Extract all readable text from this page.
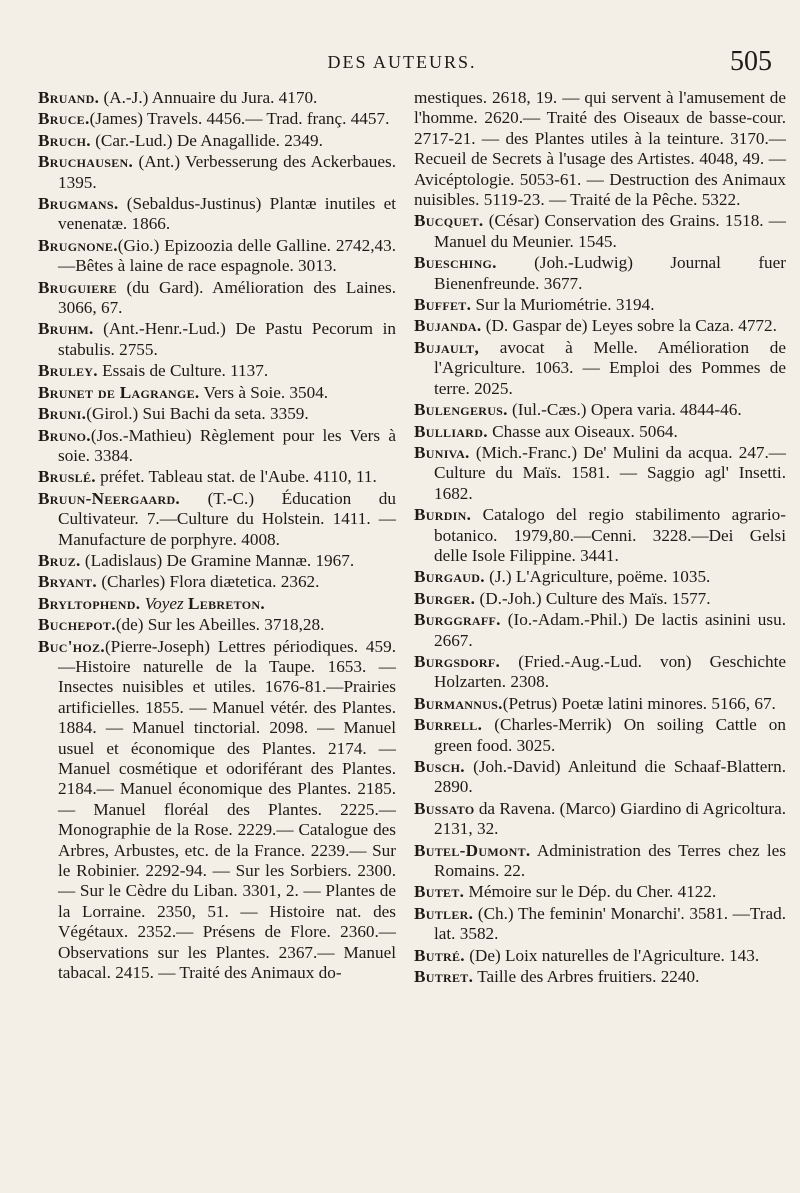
DES AUTEURS.	505

Bruand. (A.-J.) Annuaire du Jura. 4170.

Bruce.(James) Travels. 4456.— Trad. franç. 4457.

Bruch. (Car.-Lud.) De Anagallide. 2349.

Bruchausen. (Ant.) Verbesserung des Ackerbaues. 1395.

Brugmans. (Sebaldus-Justinus) Plantæ inutiles et venenatæ. 1866.

Brugnone.(Gio.) Epizoozia delle Galline. 2742,43.—Bêtes à laine de race espagnole. 3013.

Bruguiere (du Gard). Amélioration des Laines. 3066, 67.

Bruhm. (Ant.-Henr.-Lud.) De Pastu Pecorum in stabulis. 2755.

Bruley. Essais de Culture. 1137.

Brunet de Lagrange. Vers à Soie. 3504.

Bruni.(Girol.) Sui Bachi da seta. 3359.

Bruno.(Jos.-Mathieu) Règlement pour les Vers à soie. 3384.

Bruslé. préfet. Tableau stat. de l'Aube. 4110, 11.

Bruun-Neergaard. (T.-C.) Éducation du Cultivateur. 7.—Culture du Holstein. 1411. — Manufacture de porphyre. 4008.

Bruz. (Ladislaus) De Gramine Mannæ. 1967.

Bryant. (Charles) Flora diætetica. 2362.

Bryltophend. Voyez Lebreton.

Buchepot.(de) Sur les Abeilles. 3718,28.

Buc'hoz.(Pierre-Joseph) Lettres périodiques. 459.—Histoire naturelle de la Taupe. 1653. — Insectes nuisibles et utiles. 1676-81.—Prairies artificielles. 1855. — Manuel vétér. des Plantes. 1884. — Manuel tinctorial. 2098. — Manuel usuel et économique des Plantes. 2174. — Manuel cosmétique et odoriférant des Plantes. 2184.— Manuel économique des Plantes. 2185.— Manuel floréal des Plantes. 2225.— Monographie de la Rose. 2229.— Catalogue des Arbres, Arbustes, etc. de la France. 2239.— Sur le Robinier. 2292-94. — Sur les Sorbiers. 2300. — Sur le Cèdre du Liban. 3301, 2. — Plantes de la Lorraine. 2350, 51. — Histoire nat. des Végétaux. 2352.— Présens de Flore. 2360.—Observations sur les Plantes. 2367.— Manuel tabacal. 2415. — Traité des Animaux do-

mestiques. 2618, 19. — qui servent à l'amusement de l'homme. 2620.— Traité des Oiseaux de basse-cour. 2717-21. — des Plantes utiles à la teinture. 3170.—Recueil de Secrets à l'usage des Artistes. 4048, 49. —Avicéptologie. 5053-61. — Destruction des Animaux nuisibles. 5119-23. — Traité de la Pêche. 5322.

Bucquet. (César) Conservation des Grains. 1518. — Manuel du Meunier. 1545.

Buesching. (Joh.-Ludwig) Journal fuer Bienenfreunde. 3677.

Buffet. Sur la Muriométrie. 3194.

Bujanda. (D. Gaspar de) Leyes sobre la Caza. 4772.

Bujault, avocat à Melle. Amélioration de l'Agriculture. 1063. — Emploi des Pommes de terre. 2025.

Bulengerus. (Iul.-Cæs.) Opera varia. 4844-46.

Bulliard. Chasse aux Oiseaux. 5064.

Buniva. (Mich.-Franc.) De' Mulini da acqua. 247.—Culture du Maïs. 1581. — Saggio agl' Insetti. 1682.

Burdin. Catalogo del regio stabilimento agrario-botanico. 1979,80.—Cenni. 3228.—Dei Gelsi delle Isole Filippine. 3441.

Burgaud. (J.) L'Agriculture, poëme. 1035.

Burger. (D.-Joh.) Culture des Maïs. 1577.

Burggraff. (Io.-Adam.-Phil.) De lactis asinini usu. 2667.

Burgsdorf. (Fried.-Aug.-Lud. von) Geschichte Holzarten. 2308.

Burmannus.(Petrus) Poetæ latini minores. 5166, 67.

Burrell. (Charles-Merrik) On soiling Cattle on green food. 3025.

Busch. (Joh.-David) Anleitund die Schaaf-Blattern. 2890.

Bussato da Ravena. (Marco) Giardino di Agricoltura. 2131, 32.

Butel-Dumont. Administration des Terres chez les Romains. 22.

Butet. Mémoire sur le Dép. du Cher. 4122.

Butler. (Ch.) The feminin' Monarchi'. 3581. —Trad. lat. 3582.

Butré. (De) Loix naturelles de l'Agriculture. 143.

Butret. Taille des Arbres fruitiers. 2240.
